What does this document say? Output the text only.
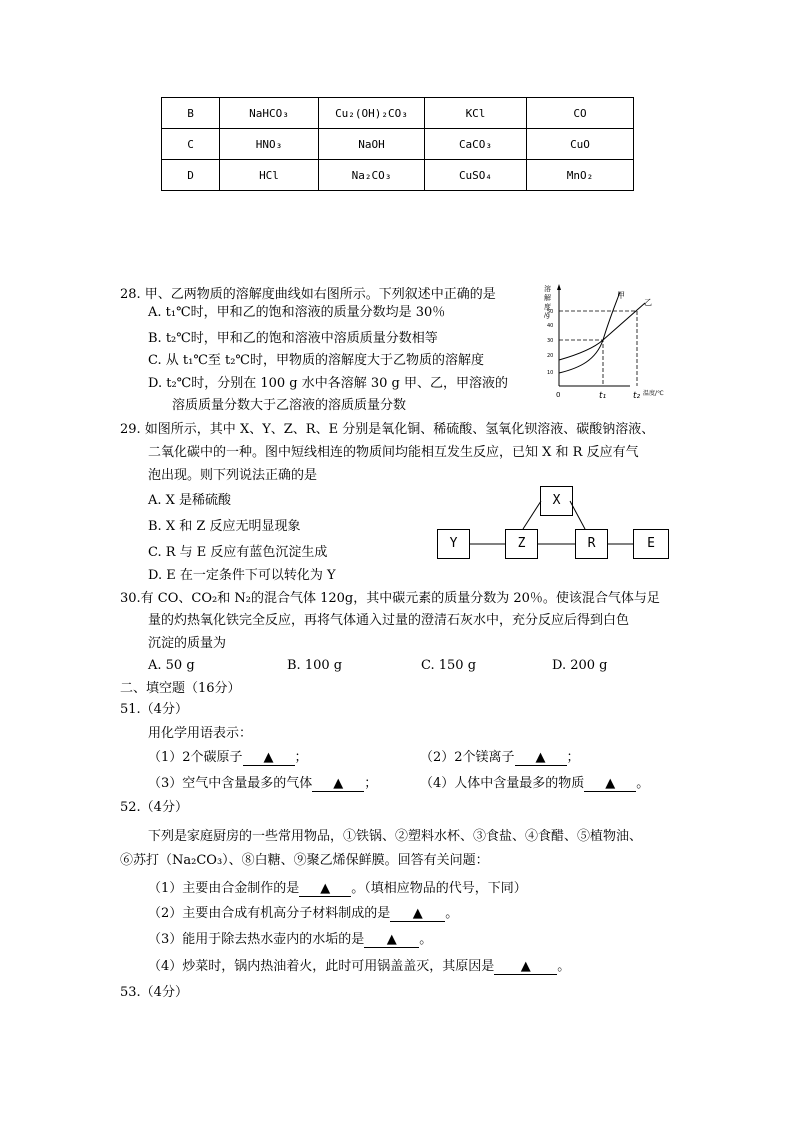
B	NaHCO₃	Cu₂(OH)₂CO₃	KCl	CO
C	HNO₃	NaOH	CaCO₃	CuO
D	HCl	Na₂CO₃	CuSO₄	MnO₂
28. 甲、乙两物质的溶解度曲线如右图所示。下列叙述中正确的是
A. t₁℃时，甲和乙的饱和溶液的质量分数均是 30％
B. t₂℃时，甲和乙的饱和溶液中溶质质量分数相等
C. 从 t₁℃至 t₂℃时，甲物质的溶解度大于乙物质的溶解度
D. t₂℃时，分别在 100 g 水中各溶解 30 g 甲、乙，甲溶液的
溶质质量分数大于乙溶液的溶质质量分数
溶
解
度
/g
10
20
30
40
50
0	t₁	t₂ 温度/℃
甲
乙
29. 如图所示，其中 X、Y、Z、R、E 分别是氧化铜、稀硫酸、氢氧化钡溶液、碳酸钠溶液、
二氧化碳中的一种。图中短线相连的物质间均能相互发生反应，已知 X 和 R 反应有气
泡出现。则下列说法正确的是
A. X 是稀硫酸
B. X 和 Z 反应无明显现象
C. R 与 E 反应有蓝色沉淀生成
D. E 在一定条件下可以转化为 Y
X
Y	Z	R	E
30.有 CO、CO₂和 N₂的混合气体 120g，其中碳元素的质量分数为 20％。使该混合气体与足
量的灼热氧化铁完全反应，再将气体通入过量的澄清石灰水中，充分反应后得到白色
沉淀的质量为
A. 50 g	B. 100 g	C. 150 g	D. 200 g
二、填空题（16分）
51.（4分）
用化学用语表示：
（1）2个碳原子 ▲ ；	（2）2个镁离子 ▲ ；
（3）空气中含量最多的气体 ▲ ；	（4）人体中含量最多的物质 ▲ 。
52.（4分）
下列是家庭厨房的一些常用物品，①铁锅、②塑料水杯、③食盐、④食醋、⑤植物油、
⑥苏打（Na₂CO₃）、⑧白糖、⑨聚乙烯保鲜膜。回答有关问题：
（1）主要由合金制作的是 ▲ 。（填相应物品的代号，下同）
（2）主要由合成有机高分子材料制成的是 ▲ 。
（3）能用于除去热水壶内的水垢的是 ▲ 。
（4）炒菜时，锅内热油着火，此时可用锅盖盖灭，其原因是 ▲ 。
53.（4分）
